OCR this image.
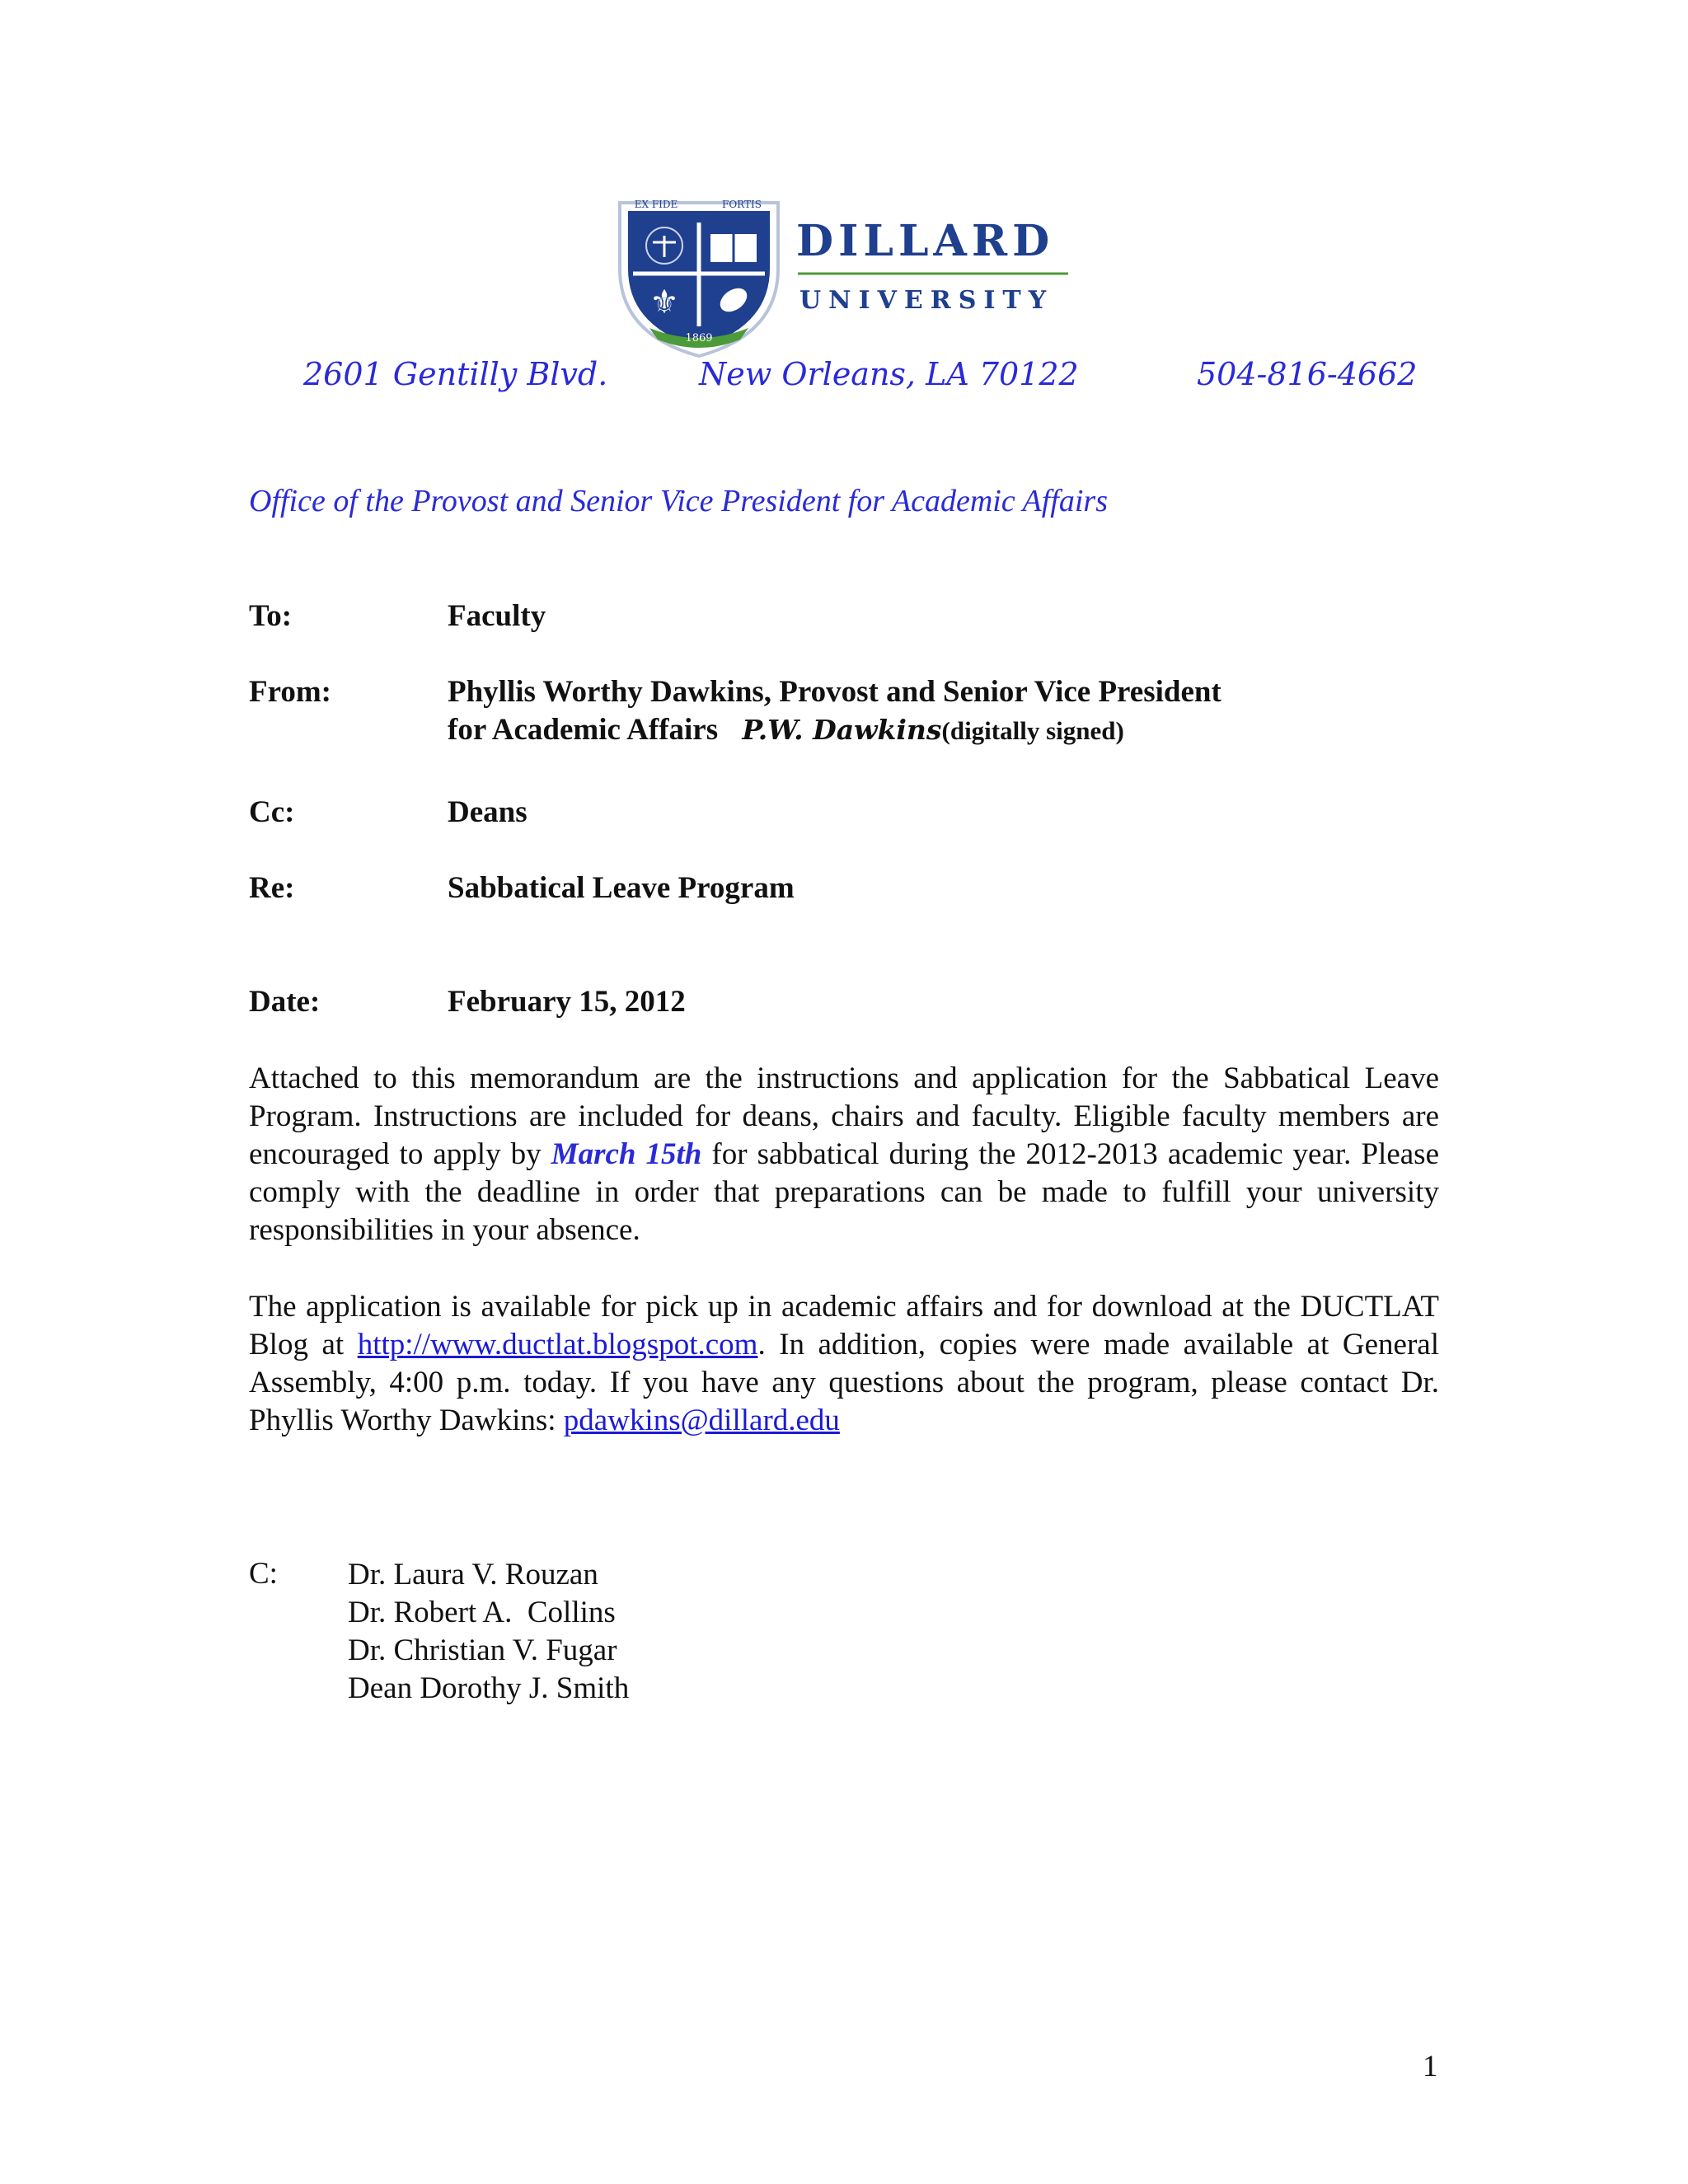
⚜
1869
EX FIDE	FORTIS
DILLARD
UNIVERSITY
2601 Gentilly Blvd.	New Orleans, LA 70122	504-816-4662
Office of the Provost and Senior Vice President for Academic Affairs
To:	Faculty
From:	Phyllis Worthy Dawkins, Provost and Senior Vice President
for Academic Affairs P.W. Dawkins(digitally signed)
Cc:	Deans
Re:	Sabbatical Leave Program
Date:	February 15, 2012
Attached to this memorandum are the instructions and application for the Sabbatical Leave Program. Instructions are included for deans, chairs and faculty. Eligible faculty members are encouraged to apply by March 15th for sabbatical during the 2012-2013 academic year. Please comply with the deadline in order that preparations can be made to fulfill your university responsibilities in your absence.
The application is available for pick up in academic affairs and for download at the DUCTLAT Blog at http://www.ductlat.blogspot.com. In addition, copies were made available at General Assembly, 4:00 p.m. today. If you have any questions about the program, please contact Dr. Phyllis Worthy Dawkins: pdawkins@dillard.edu
C: Dr. Laura V. Rouzan
Dr. Robert A.  Collins
Dr. Christian V. Fugar
Dean Dorothy J. Smith
1
